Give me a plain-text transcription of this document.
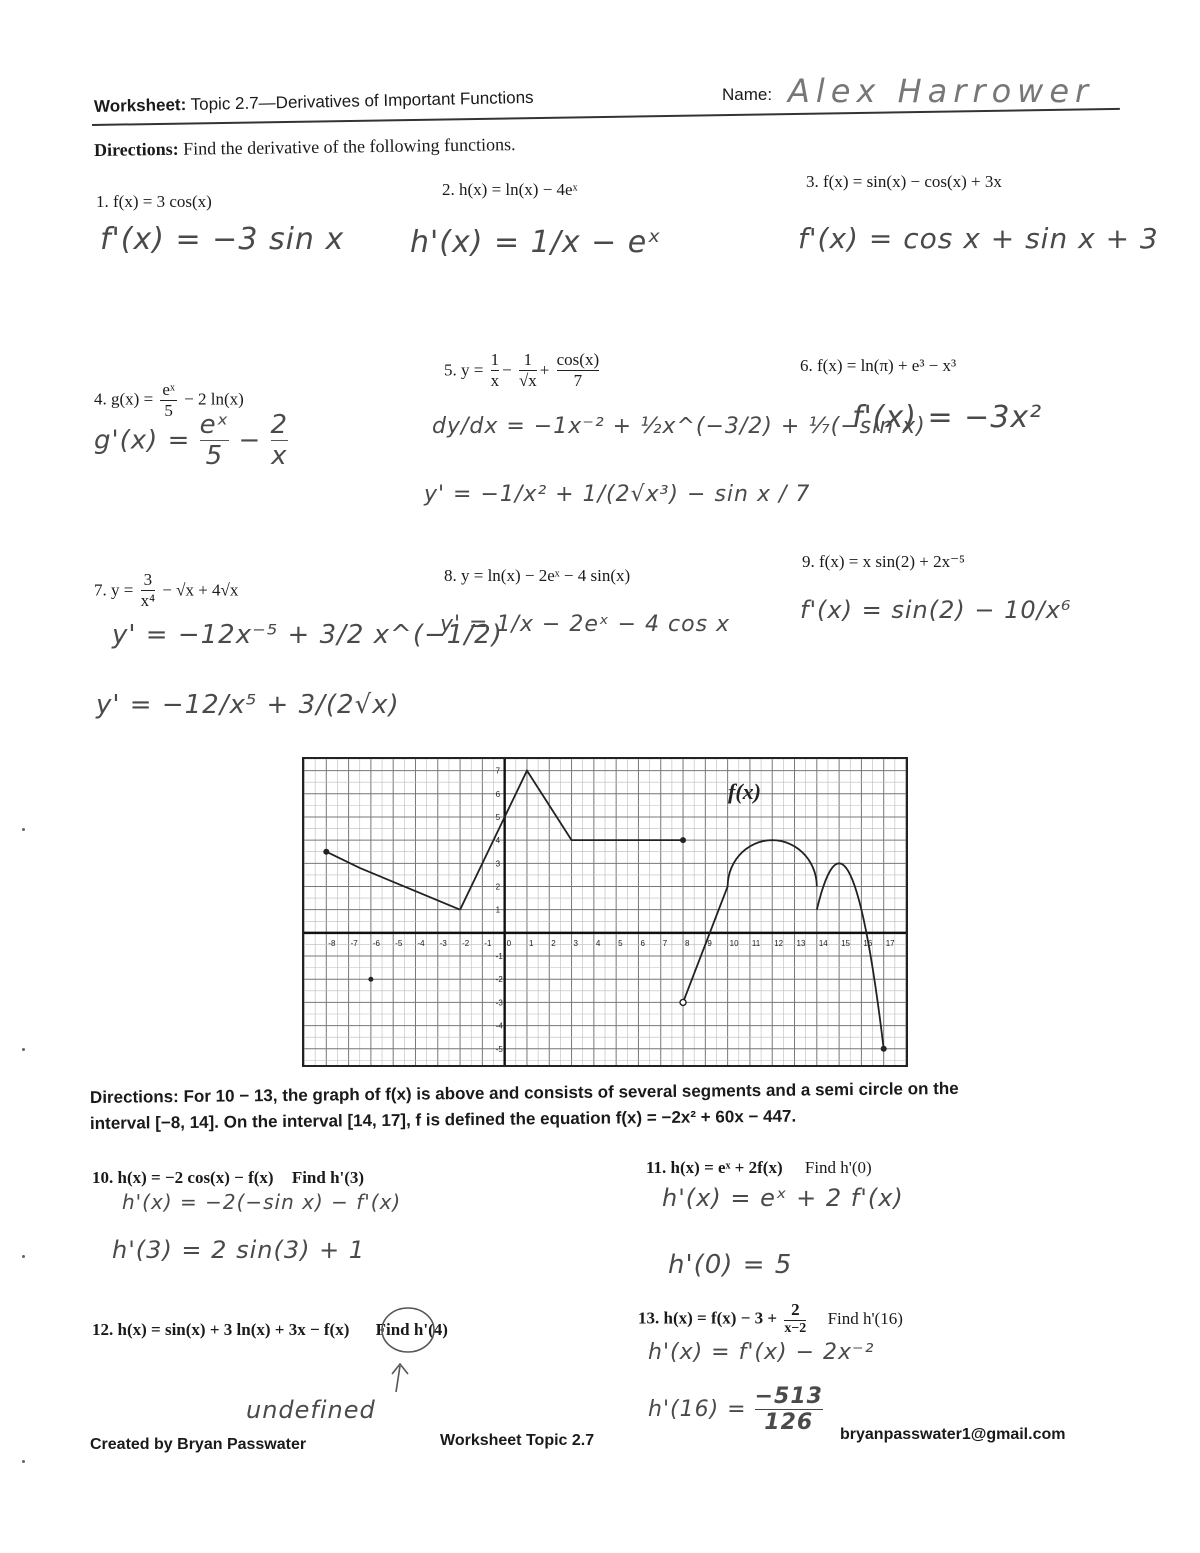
Worksheet: Topic 2.7—Derivatives of Important Functions	Name: Alex Harrower
Directions: Find the derivative of the following functions.
1. f(x) = 3 cos(x)
f'(x) = −3 sin x
2. h(x) = ln(x) − 4eˣ
h'(x) = 1/x − eˣ
3. f(x) = sin(x) − cos(x) + 3x
f'(x) = cos x + sin x + 3
4. $g(x) = \frac{\text{eˣ}}{5} - 2$ ln(x)
$g'(x) = \frac{\text{eˣ}}{5} - \frac{2}{x}$
5. $y = \frac{1}{x} - \frac{1}{√x} + \frac{\cos(x)}{7}$
dy/dx = −1x⁻² + ½x^(−3/2) + ⅐(−sin x)
y' = −1/x² + 1/(2√x³) − sin x / 7
6. f(x) = ln(π) + e³ − x³
f'(x) = −3x²
7. $y = \frac{3}{\text{x⁴}} - √x + 4√x$
y' = −12x⁻⁵ + 3/2 x^(−1/2)
y' = −12/x⁵ + 3/(2√x)
8. y = ln(x) − 2eˣ − 4 sin(x)
y' = 1/x − 2eˣ − 4 cos x
9. f(x) = x sin(2) + 2x⁻⁵
f'(x) = sin(2) − 10/x⁶
-8 -7 -6 -5 -4 -3 -2 -1 0 1 2 3 4 5 6 7 8 9 10 11 12 13 14 15 16 17
7
6
5
4
3
2
1
-1
-2
-3
-4
-5
f(x)
Directions: For 10 − 13, the graph of f(x) is above and consists of several segments and a semi circle on the
interval [−8, 14]. On the interval [14, 17], f is defined the equation f(x) = −2x² + 60x − 447.
10. h(x) = −2 cos(x) − f(x) Find h'(3)
h'(x) = −2(−sin x) − f'(x)
h'(3) = 2 sin(3) + 1
11. h(x) = eˣ + 2f(x) Find h'(0)
h'(x) = eˣ + 2 f'(x)
h'(0) = 5
12. h(x) = sin(x) + 3 ln(x) + 3x − f(x) Find h'(4)
undefined
13. h(x) = f(x) − 3 + 2
x−2
Find h'(16)
h'(x) = f'(x) − 2x⁻²
$h'(16) = \frac{-513}{126}$
Created by Bryan Passwater	Worksheet Topic 2.7	bryanpasswater1@gmail.com
